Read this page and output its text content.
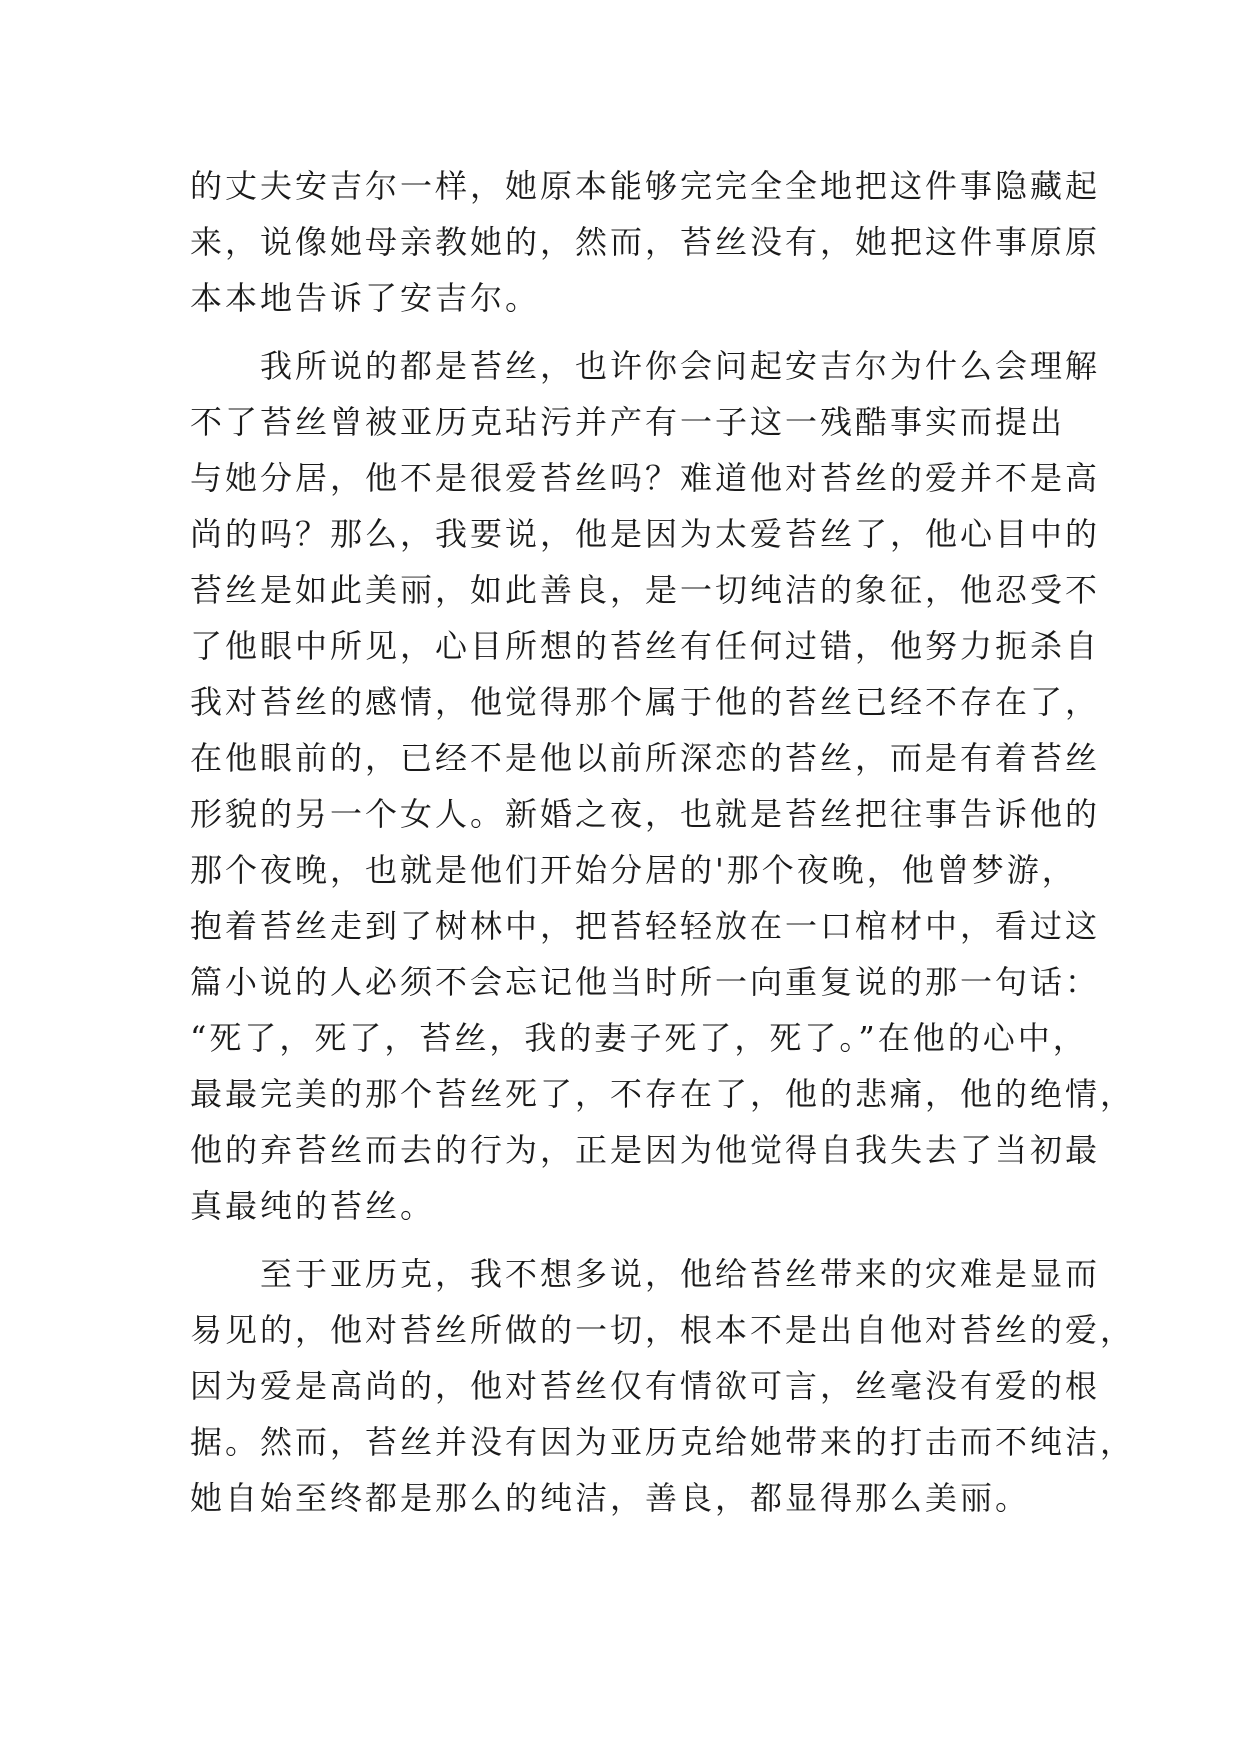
的丈夫安吉尔一样，她原本能够完完全全地把这件事隐藏起
来，说像她母亲教她的，然而，苔丝没有，她把这件事原原
本本地告诉了安吉尔。
　　我所说的都是苔丝，也许你会问起安吉尔为什么会理解
不了苔丝曾被亚历克玷污并产有一子这一残酷事实而提出
与她分居，他不是很爱苔丝吗？难道他对苔丝的爱并不是高
尚的吗？那么，我要说，他是因为太爱苔丝了，他心目中的
苔丝是如此美丽，如此善良，是一切纯洁的象征，他忍受不
了他眼中所见，心目所想的苔丝有任何过错，他努力扼杀自
我对苔丝的感情，他觉得那个属于他的苔丝已经不存在了，
在他眼前的，已经不是他以前所深恋的苔丝，而是有着苔丝
形貌的另一个女人。新婚之夜，也就是苔丝把往事告诉他的
那个夜晚，也就是他们开始分居的'那个夜晚，他曾梦游，
抱着苔丝走到了树林中，把苔轻轻放在一口棺材中，看过这
篇小说的人必须不会忘记他当时所一向重复说的那一句话：
“死了，死了，苔丝，我的妻子死了，死了。”在他的心中，
最最完美的那个苔丝死了，不存在了，他的悲痛，他的绝情，
他的弃苔丝而去的行为，正是因为他觉得自我失去了当初最
真最纯的苔丝。
　　至于亚历克，我不想多说，他给苔丝带来的灾难是显而
易见的，他对苔丝所做的一切，根本不是出自他对苔丝的爱，
因为爱是高尚的，他对苔丝仅有情欲可言，丝毫没有爱的根
据。然而，苔丝并没有因为亚历克给她带来的打击而不纯洁，
她自始至终都是那么的纯洁，善良，都显得那么美丽。
